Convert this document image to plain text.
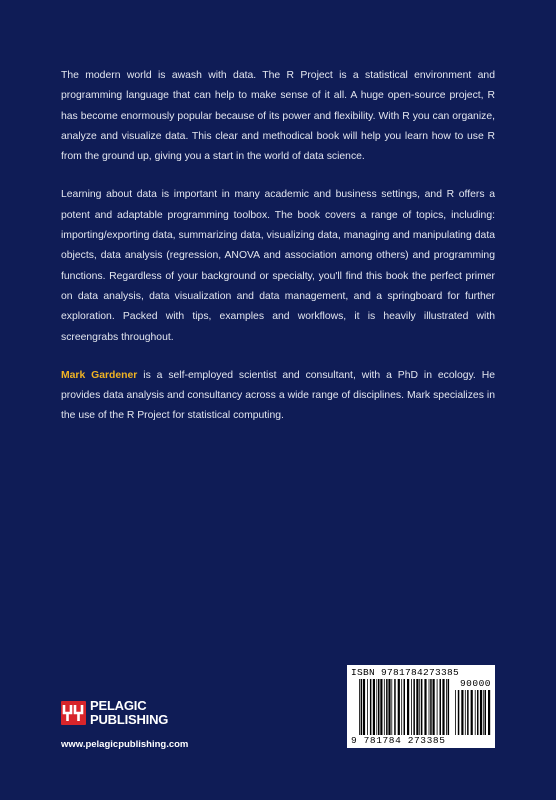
The modern world is awash with data. The R Project is a statistical environment and programming language that can help to make sense of it all. A huge open-source project, R has become enormously popular because of its power and flexibility. With R you can organize, analyze and visualize data. This clear and methodical book will help you learn how to use R from the ground up, giving you a start in the world of data science.

Learning about data is important in many academic and business settings, and R offers a potent and adaptable programming toolbox. The book covers a range of topics, including: importing/exporting data, summarizing data, visualizing data, managing and manipulating data objects, data analysis (regression, ANOVA and association among others) and programming functions. Regardless of your background or specialty, you'll find this book the perfect primer on data analysis, data visualization and data management, and a springboard for further exploration. Packed with tips, examples and workflows, it is heavily illustrated with screengrabs throughout.

Mark Gardener is a self-employed scientist and consultant, with a PhD in ecology. He provides data analysis and consultancy across a wide range of disciplines. Mark specializes in the use of the R Project for statistical computing.

PELAGIC
PUBLISHING
www.pelagicpublishing.com
ISBN 9781784273385
90000
9 781784 273385
